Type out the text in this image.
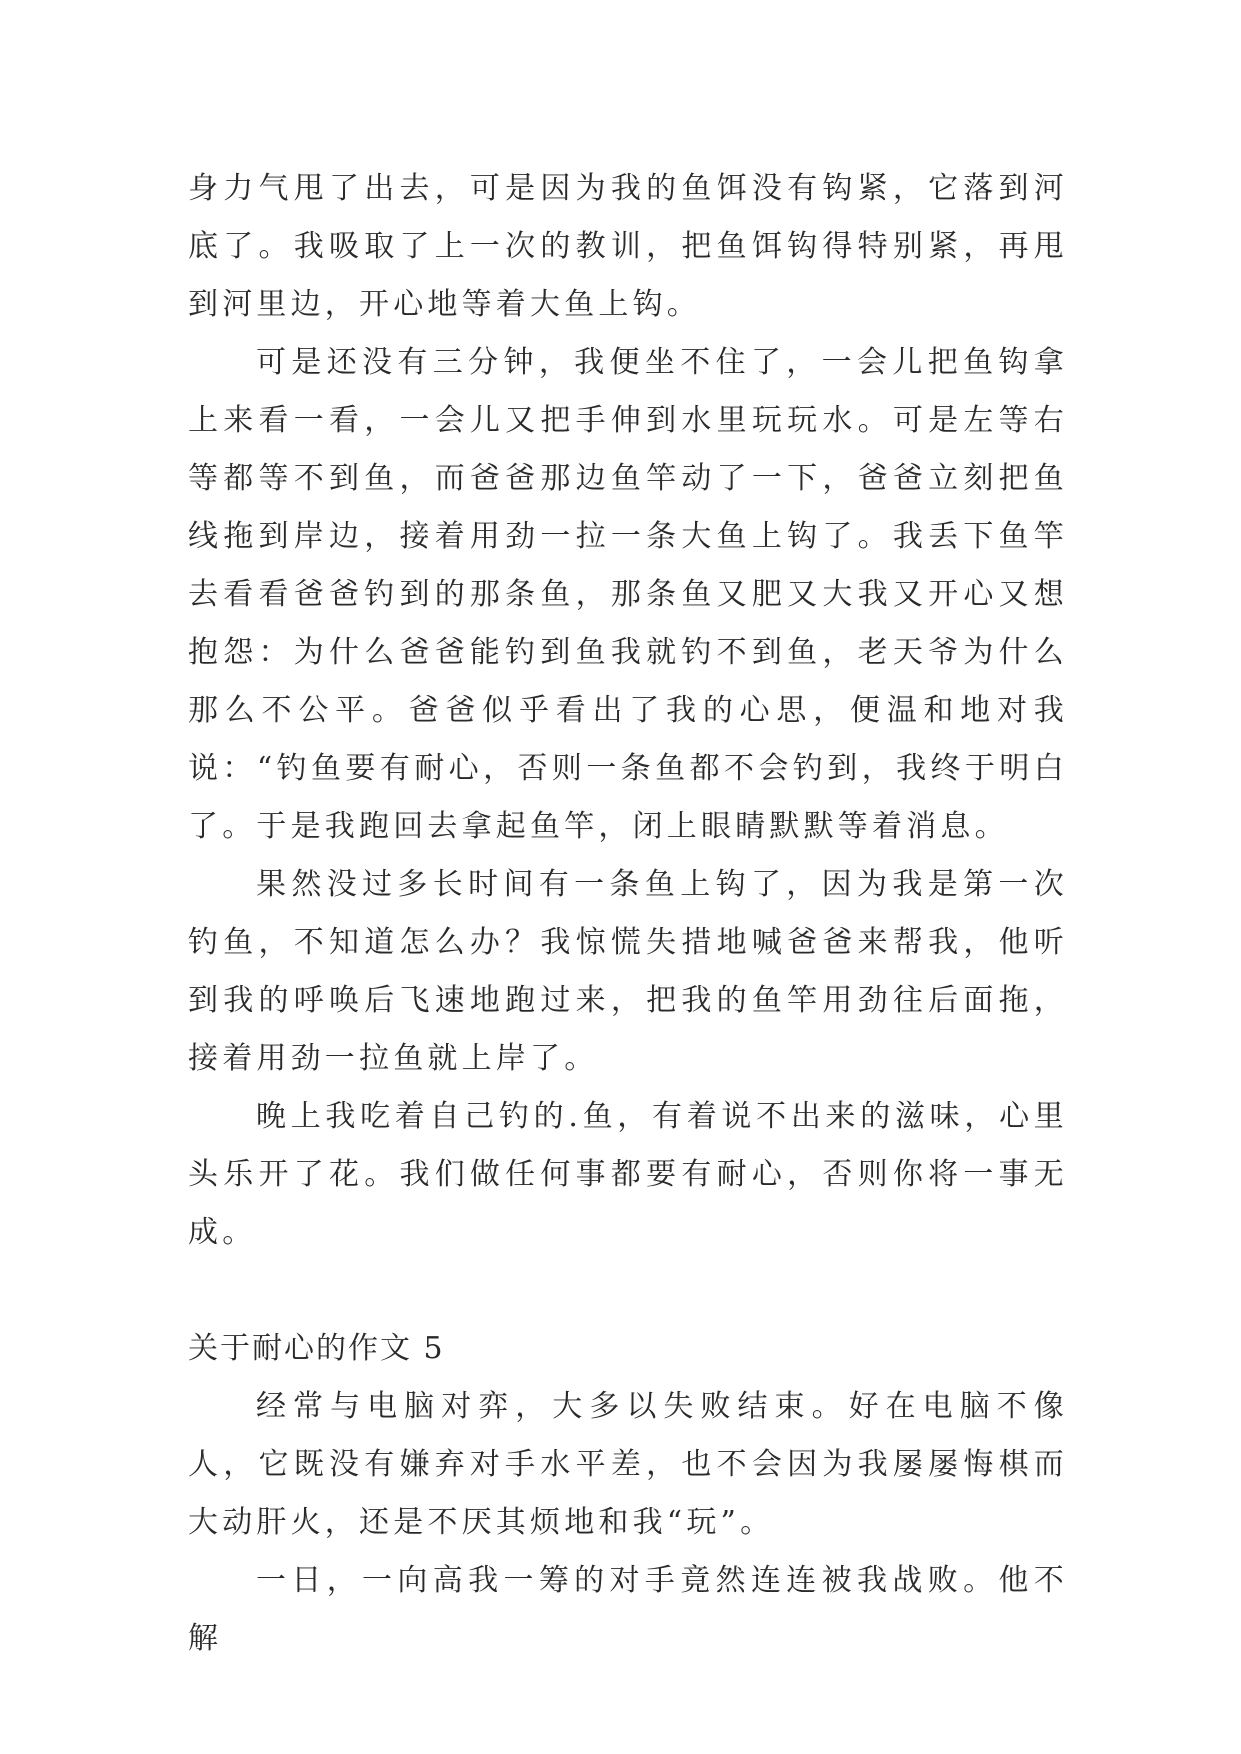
身力气甩了出去，可是因为我的鱼饵没有钩紧，它落到河底了。我吸取了上一次的教训，把鱼饵钩得特别紧，再甩到河里边，开心地等着大鱼上钩。

可是还没有三分钟，我便坐不住了，一会儿把鱼钩拿上来看一看，一会儿又把手伸到水里玩玩水。可是左等右等都等不到鱼，而爸爸那边鱼竿动了一下，爸爸立刻把鱼线拖到岸边，接着用劲一拉一条大鱼上钩了。我丢下鱼竿去看看爸爸钓到的那条鱼，那条鱼又肥又大我又开心又想抱怨：为什么爸爸能钓到鱼我就钓不到鱼，老天爷为什么那么不公平。爸爸似乎看出了我的心思，便温和地对我说：“钓鱼要有耐心，否则一条鱼都不会钓到，我终于明白了。于是我跑回去拿起鱼竿，闭上眼睛默默等着消息。

果然没过多长时间有一条鱼上钩了，因为我是第一次钓鱼，不知道怎么办？我惊慌失措地喊爸爸来帮我，他听到我的呼唤后飞速地跑过来，把我的鱼竿用劲往后面拖，接着用劲一拉鱼就上岸了。

晚上我吃着自己钓的.鱼，有着说不出来的滋味，心里头乐开了花。我们做任何事都要有耐心，否则你将一事无成。

关于耐心的作文 5

经常与电脑对弈，大多以失败结束。好在电脑不像人，它既没有嫌弃对手水平差，也不会因为我屡屡悔棋而大动肝火，还是不厌其烦地和我“玩”。

一日，一向高我一筹的对手竟然连连被我战败。他不解
